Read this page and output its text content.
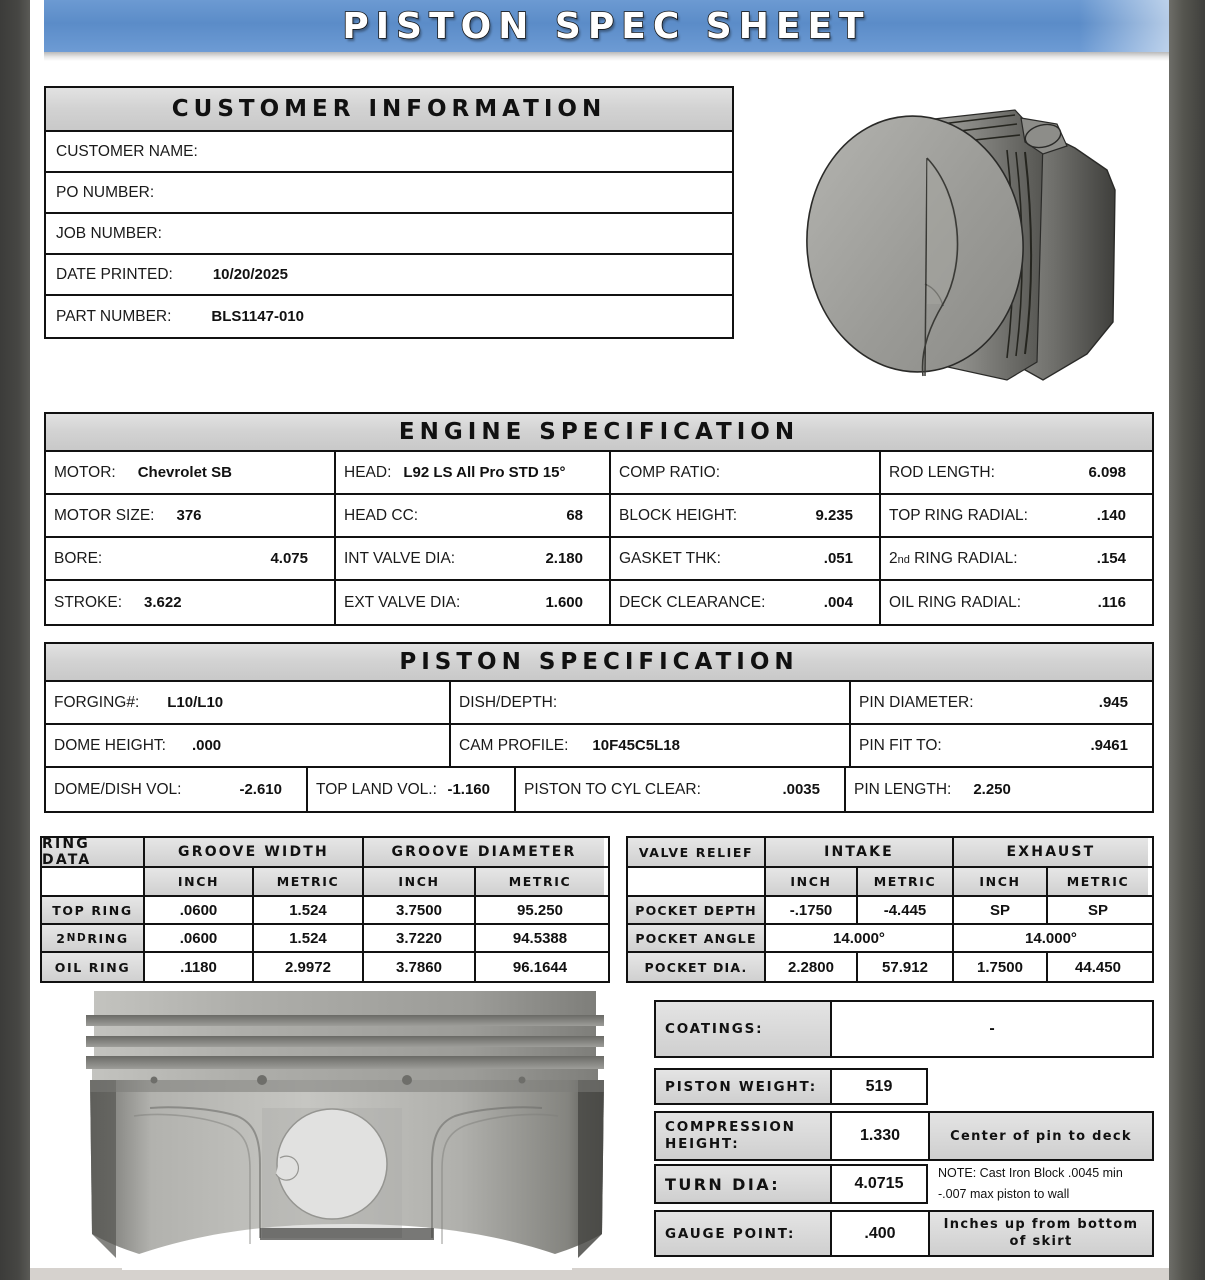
PISTON SPEC SHEET
CUSTOMER INFORMATION
CUSTOMER NAME:
PO NUMBER:
JOB NUMBER:
DATE PRINTED:	10/20/2025
PART NUMBER:	BLS1147-010
ENGINE SPECIFICATION
MOTOR: Chevrolet SB	HEAD: L92 LS All Pro STD 15°	COMP RATIO:	ROD LENGTH:	6.098
MOTOR SIZE: 376	HEAD CC:	68 BLOCK HEIGHT:	9.235 TOP RING RADIAL:	.140
BORE:	4.075 INT VALVE DIA:	2.180 GASKET THK:	.051 2nd RING RADIAL:	.154
STROKE: 3.622	EXT VALVE DIA:	1.600 DECK CLEARANCE:	.004 OIL RING RADIAL:	.116
PISTON SPECIFICATION
FORGING#: L10/L10	DISH/DEPTH:	PIN DIAMETER:	.945
DOME HEIGHT: .000	CAM PROFILE: 10F45C5L18	PIN FIT TO:	.9461
DOME/DISH VOL:	-2.610 TOP LAND VOL.: -1.160 PISTON TO CYL CLEAR:	.0035 PIN LENGTH: 2.250
RING DATA	GROOVE WIDTH	GROOVE DIAMETER
INCH	METRIC	INCH	METRIC
TOP RING	.0600	1.524	3.7500	95.250
2 ND RING	.0600	1.524	3.7220	94.5388
OIL RING	.1180	2.9972	3.7860	96.1644
VALVE RELIEF	INTAKE	EXHAUST
INCH	METRIC	INCH	METRIC
POCKET DEPTH	-.1750	-4.445	SP	SP
POCKET ANGLE	14.000°	14.000°
POCKET DIA.	2.2800	57.912	1.7500	44.450
COATINGS:	-
PISTON WEIGHT:	519
COMPRESSION
HEIGHT:	1.330	Center of pin to deck
TURN DIA:	4.0715
NOTE: Cast Iron Block .0045 min
-.007 max piston to wall
GAUGE POINT:	.400
Inches up from bottom
of skirt
